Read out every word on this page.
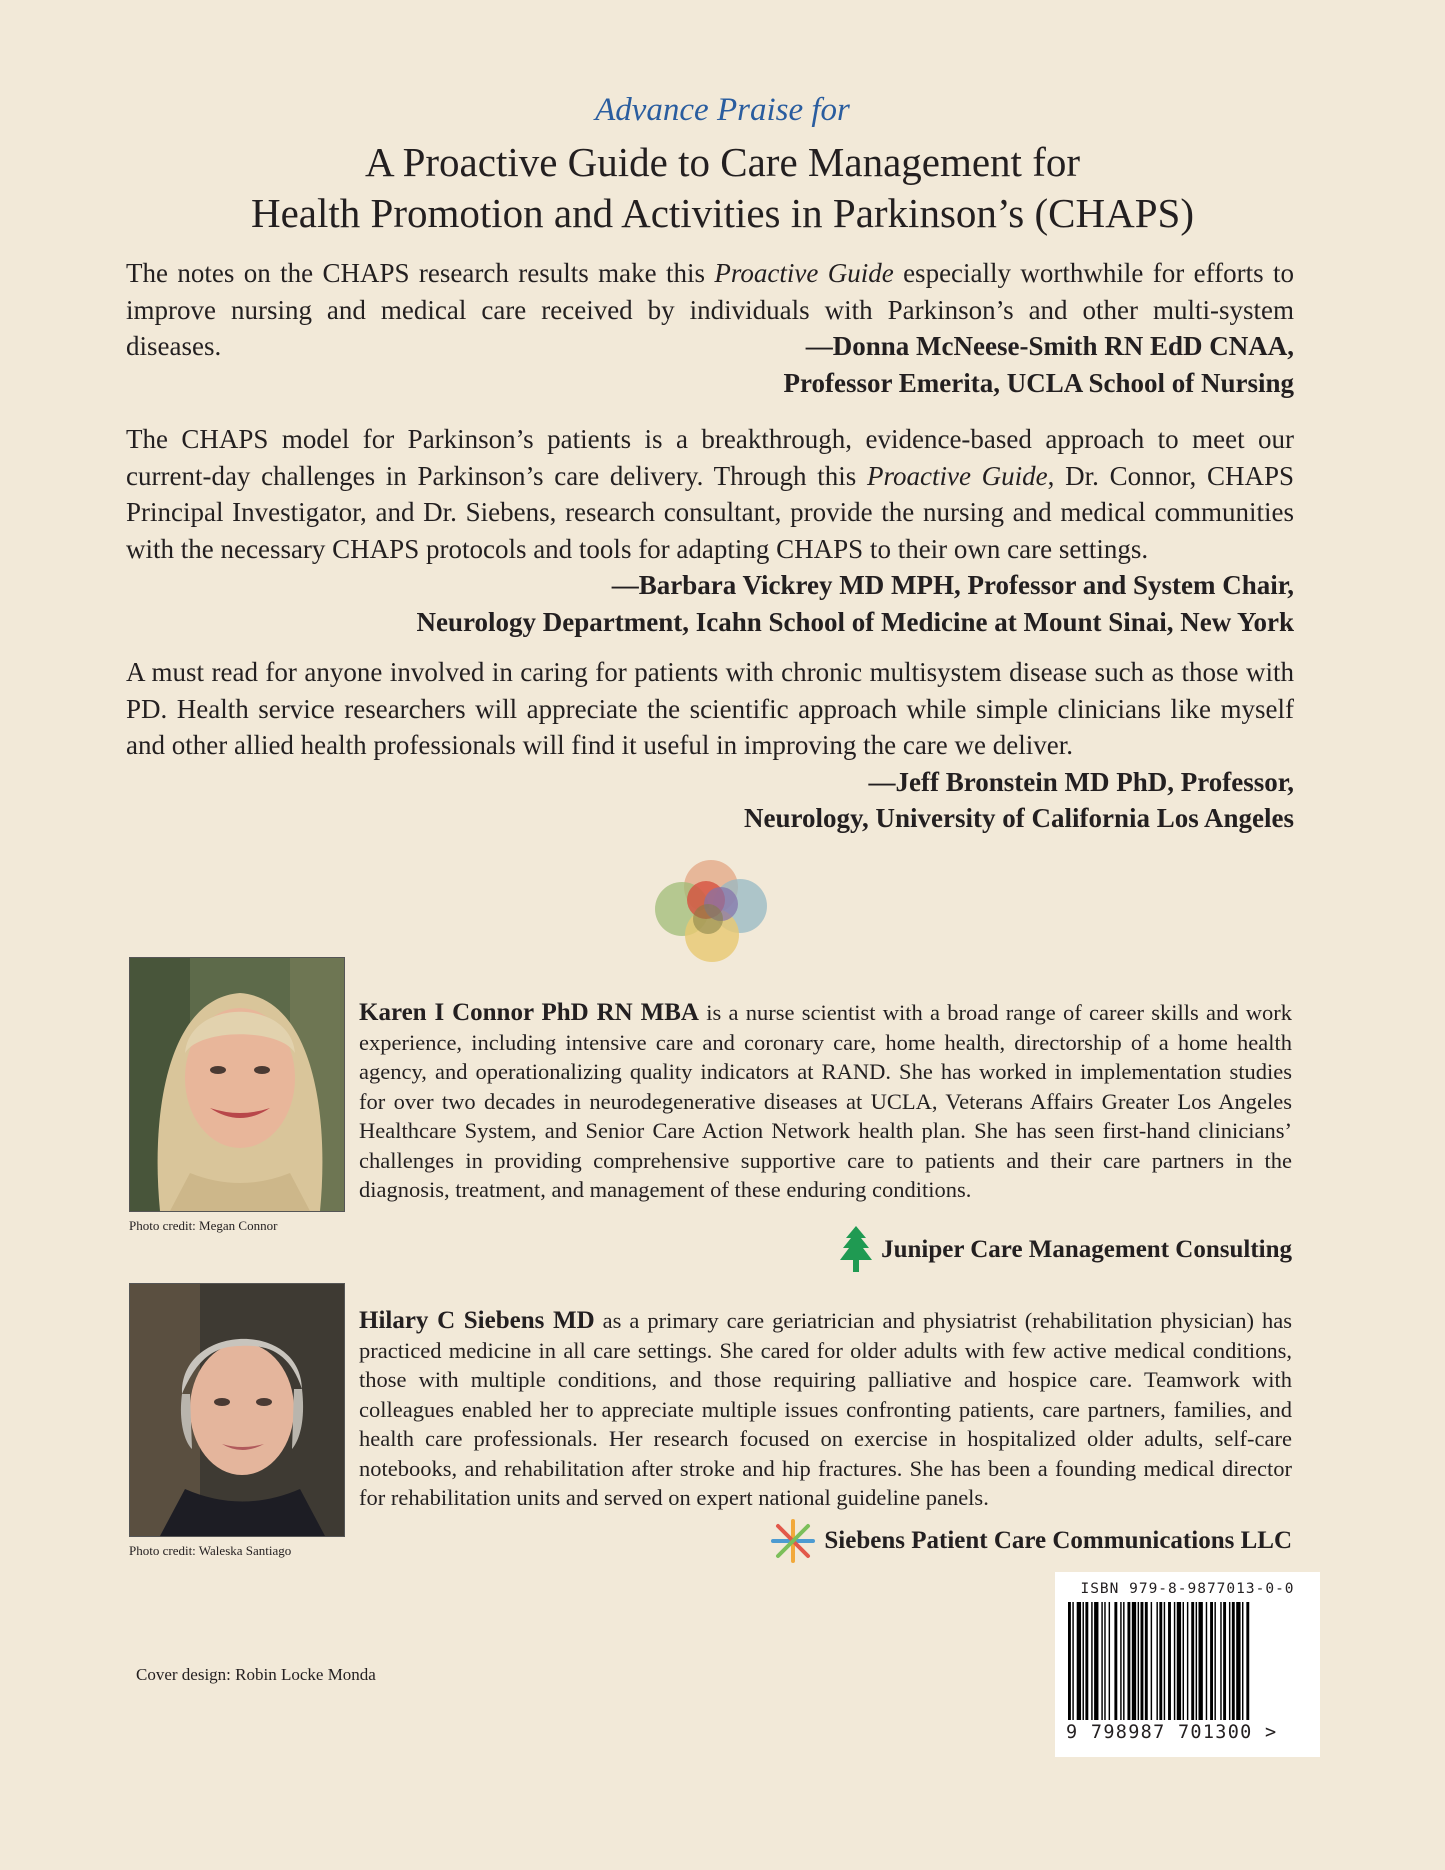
Advance Praise for
A Proactive Guide to Care Management for
Health Promotion and Activities in Parkinson’s (CHAPS)

The notes on the CHAPS research results make this Proactive Guide especially worthwhile for efforts to improve nursing and medical care received by individuals with Parkinson’s and other multi-system diseases.	—Donna McNeese-Smith RN EdD CNAA,

Professor Emerita, UCLA School of Nursing

The CHAPS model for Parkinson’s patients is a breakthrough, evidence-based approach to meet our current-day challenges in Parkinson’s care delivery. Through this Proactive Guide, Dr. Connor, CHAPS Principal Investigator, and Dr. Siebens, research consultant, provide the nursing and medical communities with the necessary CHAPS protocols and tools for adapting CHAPS to their own care settings.

—Barbara Vickrey MD MPH, Professor and System Chair,

Neurology Department, Icahn School of Medicine at Mount Sinai, New York

A must read for anyone involved in caring for patients with chronic multisystem disease such as those with PD. Health service researchers will appreciate the scientific approach while simple clinicians like myself and other allied health professionals will find it useful in improving the care we deliver.

—Jeff Bronstein MD PhD, Professor,

Neurology, University of California Los Angeles

Photo credit: Megan Connor

Karen I Connor PhD RN MBA is a nurse scientist with a broad range of career skills and work experience, including intensive care and coronary care, home health, directorship of a home health agency, and operationalizing quality indicators at RAND. She has worked in implementation studies for over two decades in neurodegenerative diseases at UCLA, Veterans Affairs Greater Los Angeles Healthcare System, and Senior Care Action Network health plan. She has seen first-hand clinicians’ challenges in providing comprehensive supportive care to patients and their care partners in the diagnosis, treatment, and management of these enduring conditions.

Juniper Care Management Consulting
Photo credit: Waleska Santiago

Hilary C Siebens MD as a primary care geriatrician and physiatrist (rehabilitation physician) has practiced medicine in all care settings. She cared for older adults with few active medical conditions, those with multiple conditions, and those requiring palliative and hospice care. Teamwork with colleagues enabled her to appreciate multiple issues confronting patients, care partners, families, and health care professionals. Her research focused on exercise in hospitalized older adults, self-care notebooks, and rehabilitation after stroke and hip fractures. She has been a founding medical director for rehabilitation units and served on expert national guideline panels.

Siebens Patient Care Communications LLC
Cover design: Robin Locke Monda
ISBN 979-8-9877013-0-0
9 798987 701300 >
